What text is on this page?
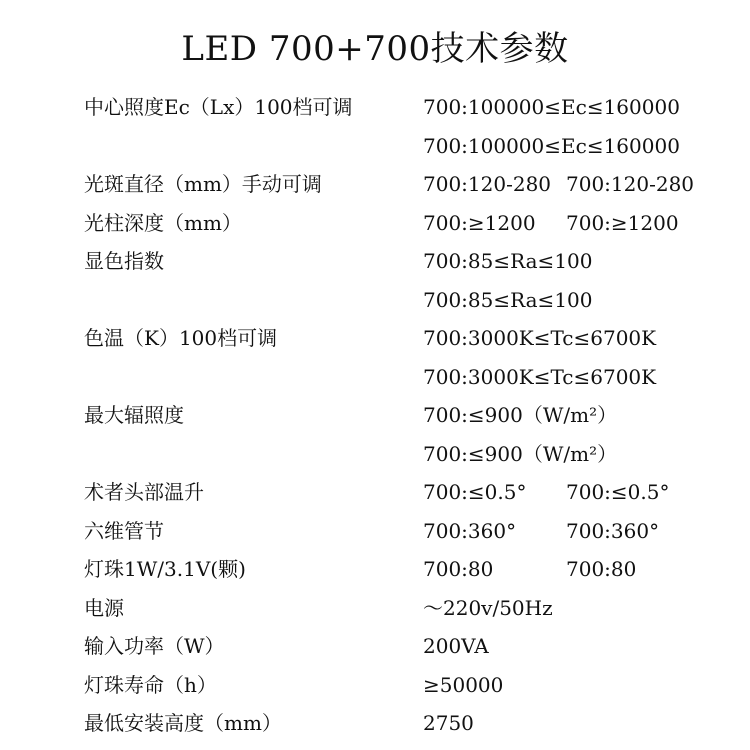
LED 700+700技术参数
中心照度Ec（Lx）100档可调	700:100000≤Ec≤160000
700:100000≤Ec≤160000
光斑直径（mm）手动可调	700:120-280 700:120-280
光柱深度（mm）	700:≥1200 700:≥1200
显色指数	700:85≤Ra≤100
700:85≤Ra≤100
色温（K）100档可调	700:3000K≤Tc≤6700K
700:3000K≤Tc≤6700K
最大辐照度	700:≤900（W/m²）
700:≤900（W/m²）
术者头部温升	700:≤0.5° 700:≤0.5°
六维管节	700:360° 700:360°
灯珠1W/3.1V(颗)	700:80	700:80
电源	～220v/50Hz
输入功率（W）	200VA
灯珠寿命（h）	≥50000
最低安装高度（mm）	2750
